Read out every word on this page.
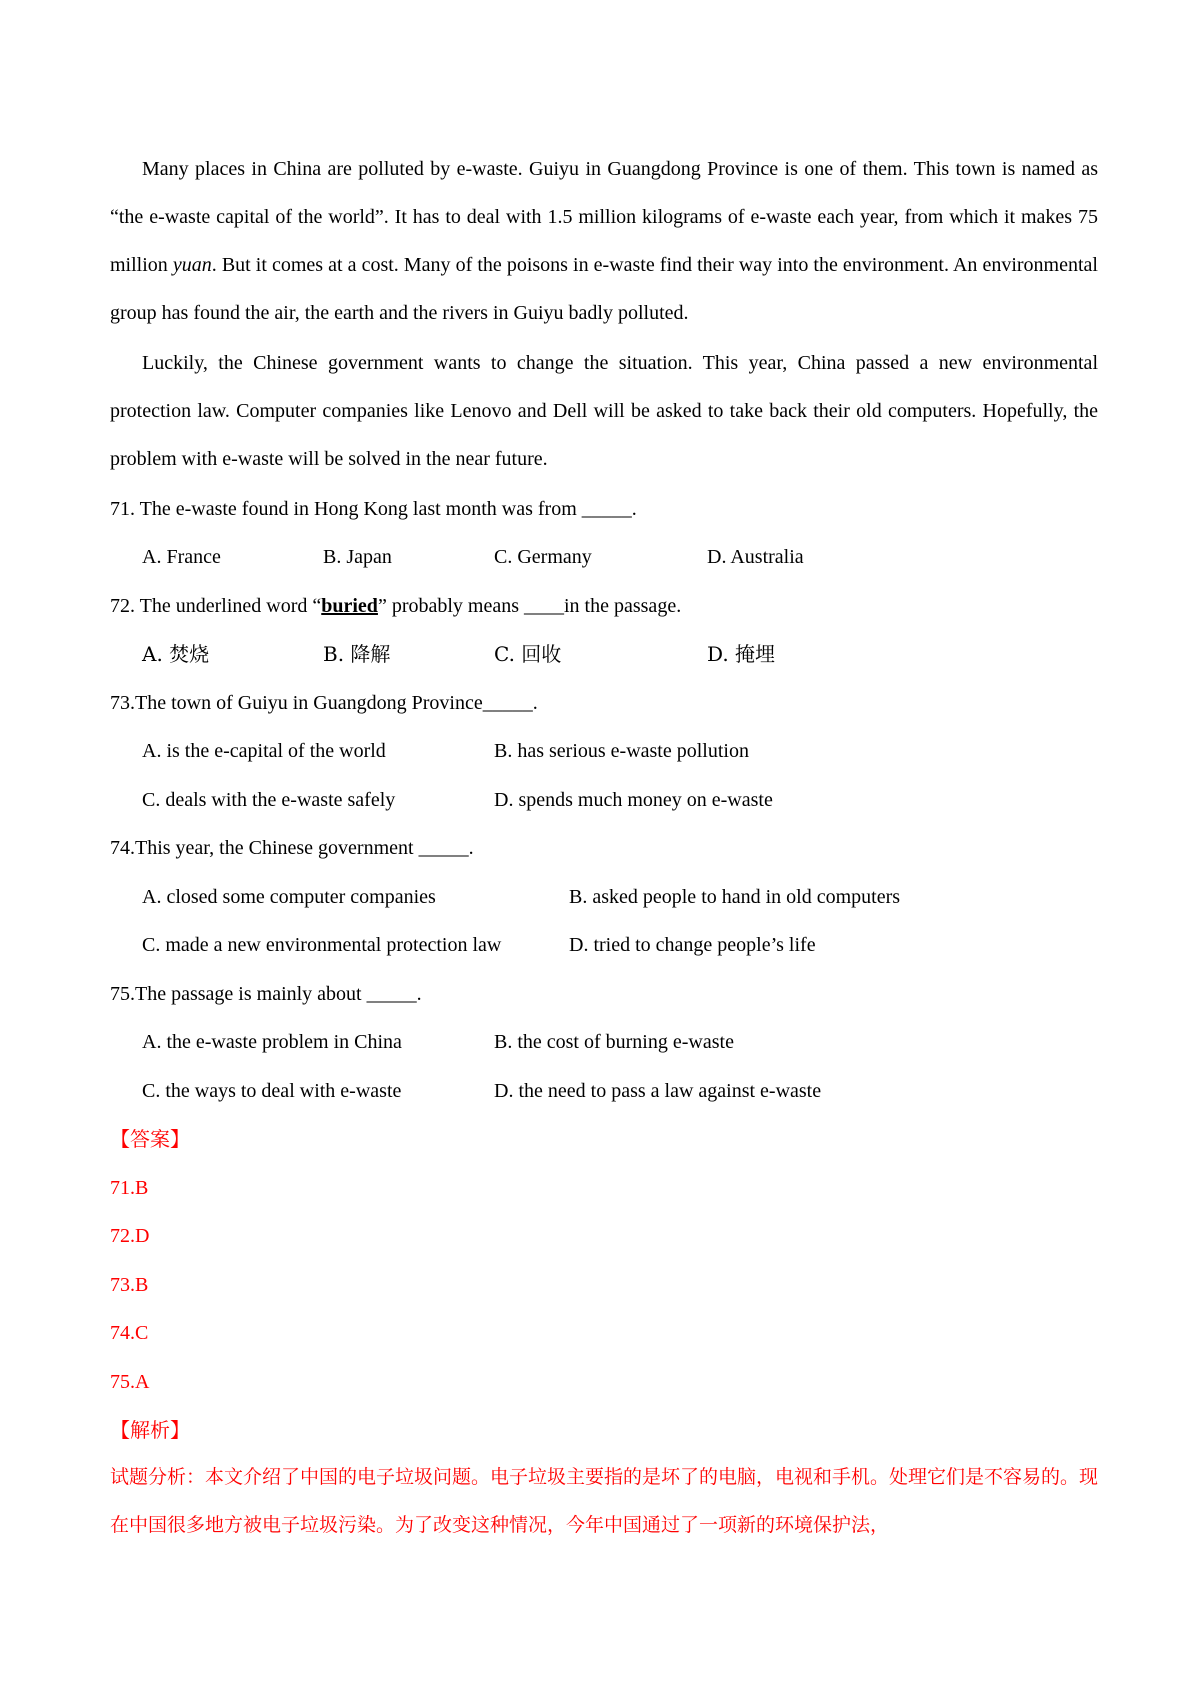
Many places in China are polluted by e-waste. Guiyu in Guangdong Province is one of them. This town is named as “the e-waste capital of the world”. It has to deal with 1.5 million kilograms of e-waste each year, from which it makes 75 million yuan. But it comes at a cost. Many of the poisons in e-waste find their way into the environment. An environmental group has found the air, the earth and the rivers in Guiyu badly polluted.

Luckily, the Chinese government wants to change the situation. This year, China passed a new environmental protection law. Computer companies like Lenovo and Dell will be asked to take back their old computers. Hopefully, the problem with e-waste will be solved in the near future.

71. The e-waste found in Hong Kong last month was from _____.
A. France	B. Japan	C. Germany	D. Australia
72. The underlined word “buried” probably means ____in the passage.
A. 焚烧	B. 降解	C. 回收	D. 掩埋
73.The town of Guiyu in Guangdong Province_____.
A. is the e-capital of the world	B. has serious e-waste pollution
C. deals with the e-waste safely	D. spends much money on e-waste
74.This year, the Chinese government _____.
A. closed some computer companies	B. asked people to hand in old computers
C. made a new environmental protection law	D. tried to change people’s life
75.The passage is mainly about _____.
A. the e-waste problem in China	B. the cost of burning e-waste
C. the ways to deal with e-waste	D. the need to pass a law against e-waste
【答案】
71.B
72.D
73.B
74.C
75.A
【解析】

试题分析：本文介绍了中国的电子垃圾问题。电子垃圾主要指的是坏了的电脑，电视和手机。处理它们是不容易的。现在中国很多地方被电子垃圾污染。为了改变这种情况，今年中国通过了一项新的环境保护法，
